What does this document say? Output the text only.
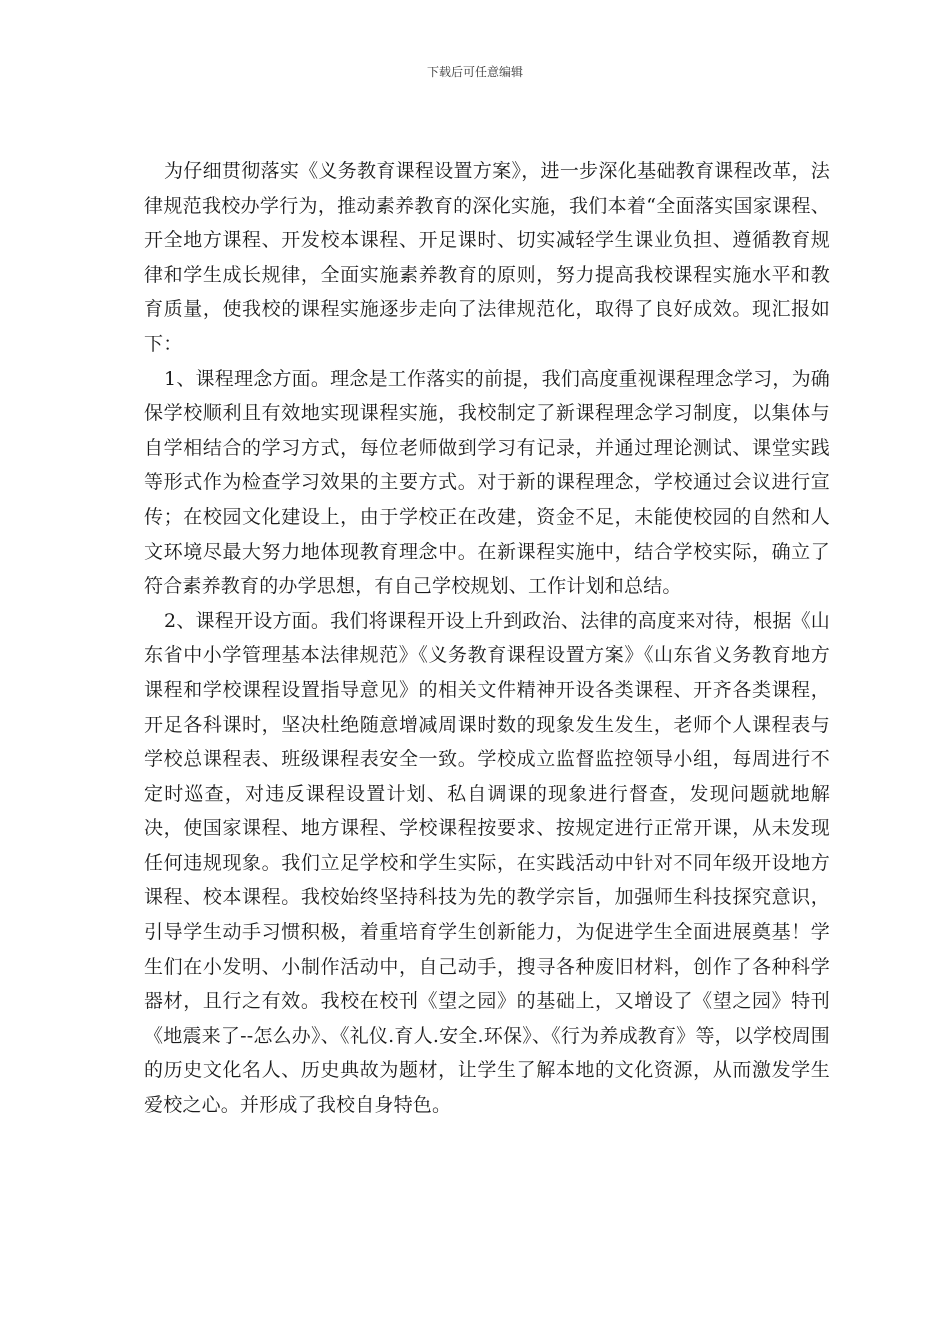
下载后可任意编辑

为仔细贯彻落实《义务教育课程设置方案》，进一步深化基础教育课程改革，法律规范我校办学行为，推动素养教育的深化实施，我们本着“全面落实国家课程、开全地方课程、开发校本课程、开足课时、切实减轻学生课业负担、遵循教育规律和学生成长规律，全面实施素养教育的原则，努力提高我校课程实施水平和教育质量，使我校的课程实施逐步走向了法律规范化，取得了良好成效。现汇报如下：

1、课程理念方面。理念是工作落实的前提，我们高度重视课程理念学习，为确保学校顺利且有效地实现课程实施，我校制定了新课程理念学习制度，以集体与自学相结合的学习方式，每位老师做到学习有记录，并通过理论测试、课堂实践等形式作为检查学习效果的主要方式。对于新的课程理念，学校通过会议进行宣传；在校园文化建设上，由于学校正在改建，资金不足，未能使校园的自然和人文环境尽最大努力地体现教育理念中。在新课程实施中，结合学校实际，确立了符合素养教育的办学思想，有自己学校规划、工作计划和总结。

2、课程开设方面。我们将课程开设上升到政治、法律的高度来对待，根据《山东省中小学管理基本法律规范》《义务教育课程设置方案》《山东省义务教育地方课程和学校课程设置指导意见》的相关文件精神开设各类课程、开齐各类课程，开足各科课时，坚决杜绝随意增减周课时数的现象发生发生，老师个人课程表与学校总课程表、班级课程表安全一致。学校成立监督监控领导小组，每周进行不定时巡查，对违反课程设置计划、私自调课的现象进行督查，发现问题就地解决，使国家课程、地方课程、学校课程按要求、按规定进行正常开课，从未发现任何违规现象。我们立足学校和学生实际，在实践活动中针对不同年级开设地方课程、校本课程。我校始终坚持科技为先的教学宗旨，加强师生科技探究意识，引导学生动手习惯积极，着重培育学生创新能力，为促进学生全面进展奠基！学生们在小发明、小制作活动中，自己动手，搜寻各种废旧材料，创作了各种科学器材，且行之有效。我校在校刊《望之园》的基础上，又增设了《望之园》特刊《地震来了--怎么办》、《礼仪.育人.安全.环保》、《行为养成教育》等，以学校周围的历史文化名人、历史典故为题材，让学生了解本地的文化资源，从而激发学生爱校之心。并形成了我校自身特色。
